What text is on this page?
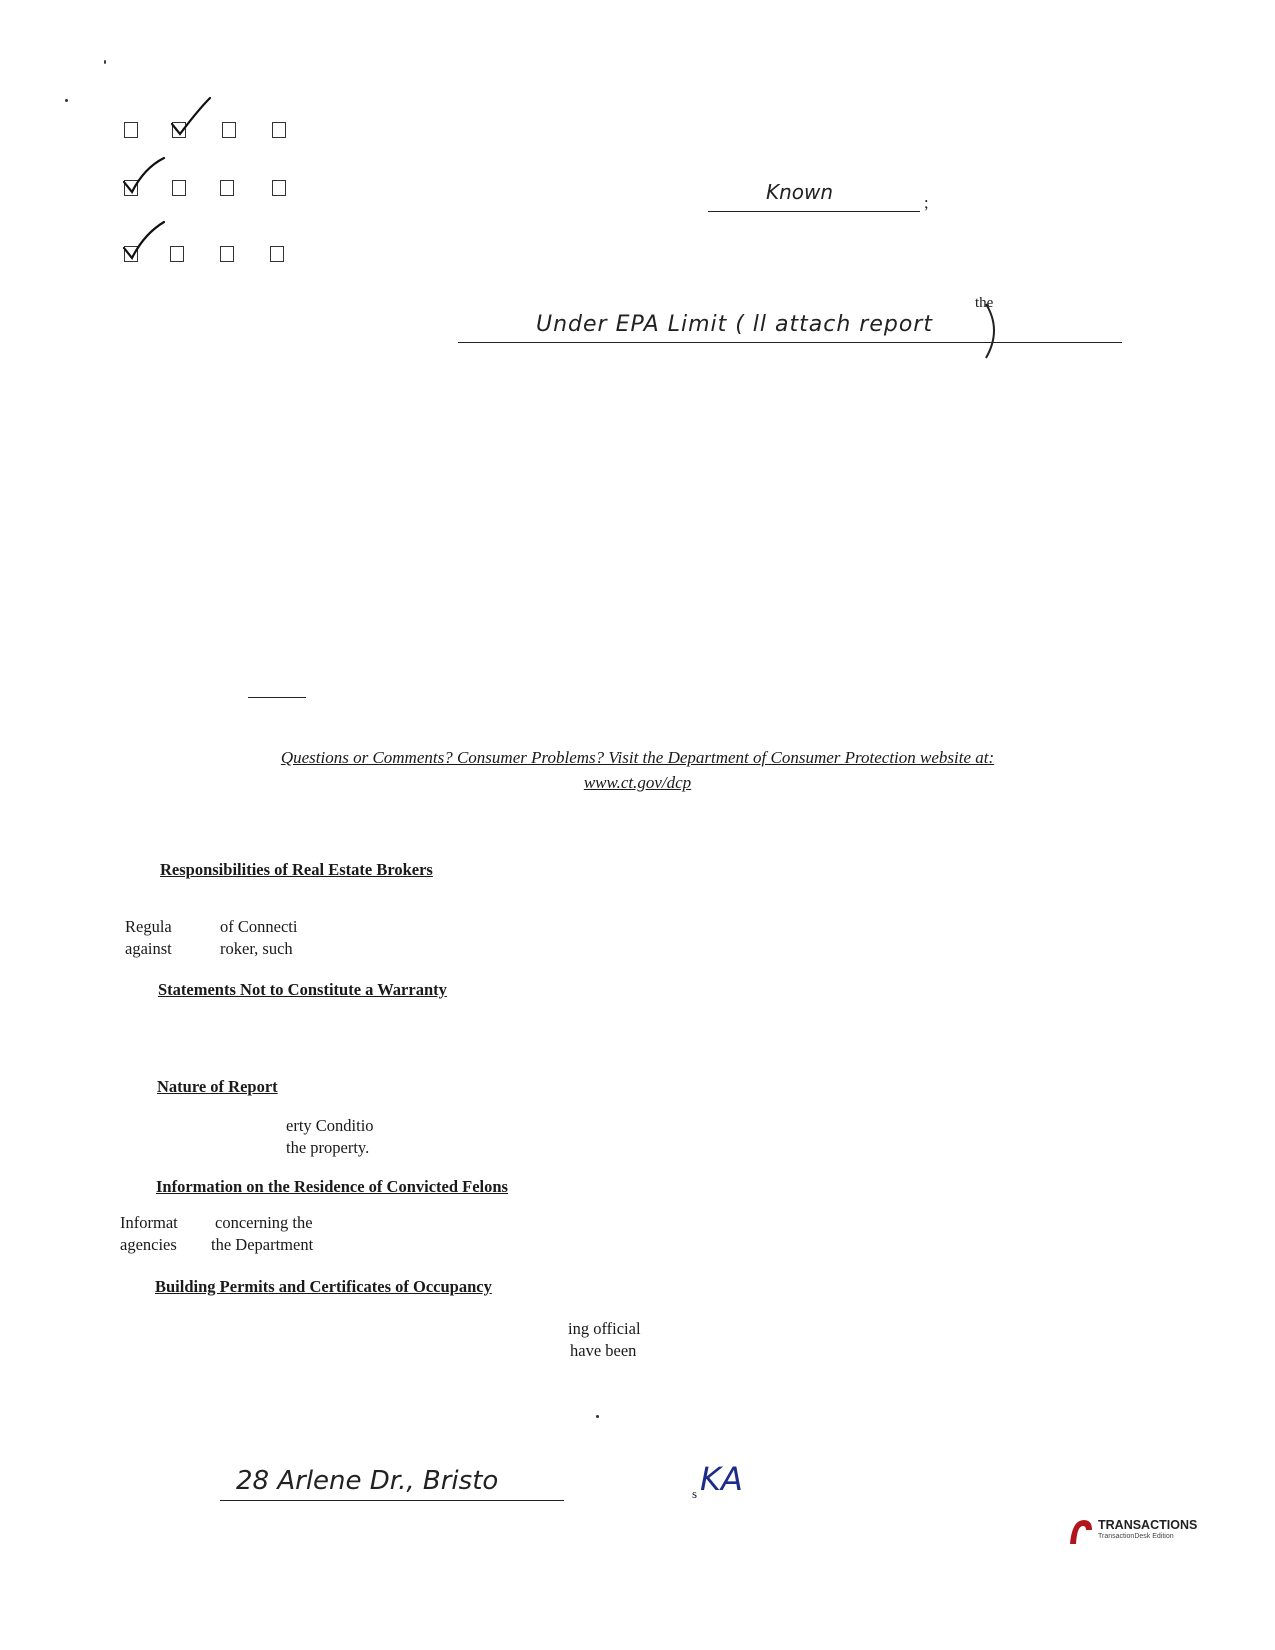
Known	;
the
Under EPA Limit ( ll attach report
Questions or Comments? Consumer Problems? Visit the Department of Consumer Protection website at:
www.ct.gov/dcp
Responsibilities of Real Estate Brokers
Regula
against
of Connecti
roker, such
Statements Not to Constitute a Warranty
Nature of Report
erty Conditio
the property.
Information on the Residence of Convicted Felons
Informat
agencies
concerning the
the Department
Building Permits and Certificates of Occupancy
ing official
have been
28 Arlene Dr., Bristo	s KA
TRANSACTIONS
TransactionDesk Edition
